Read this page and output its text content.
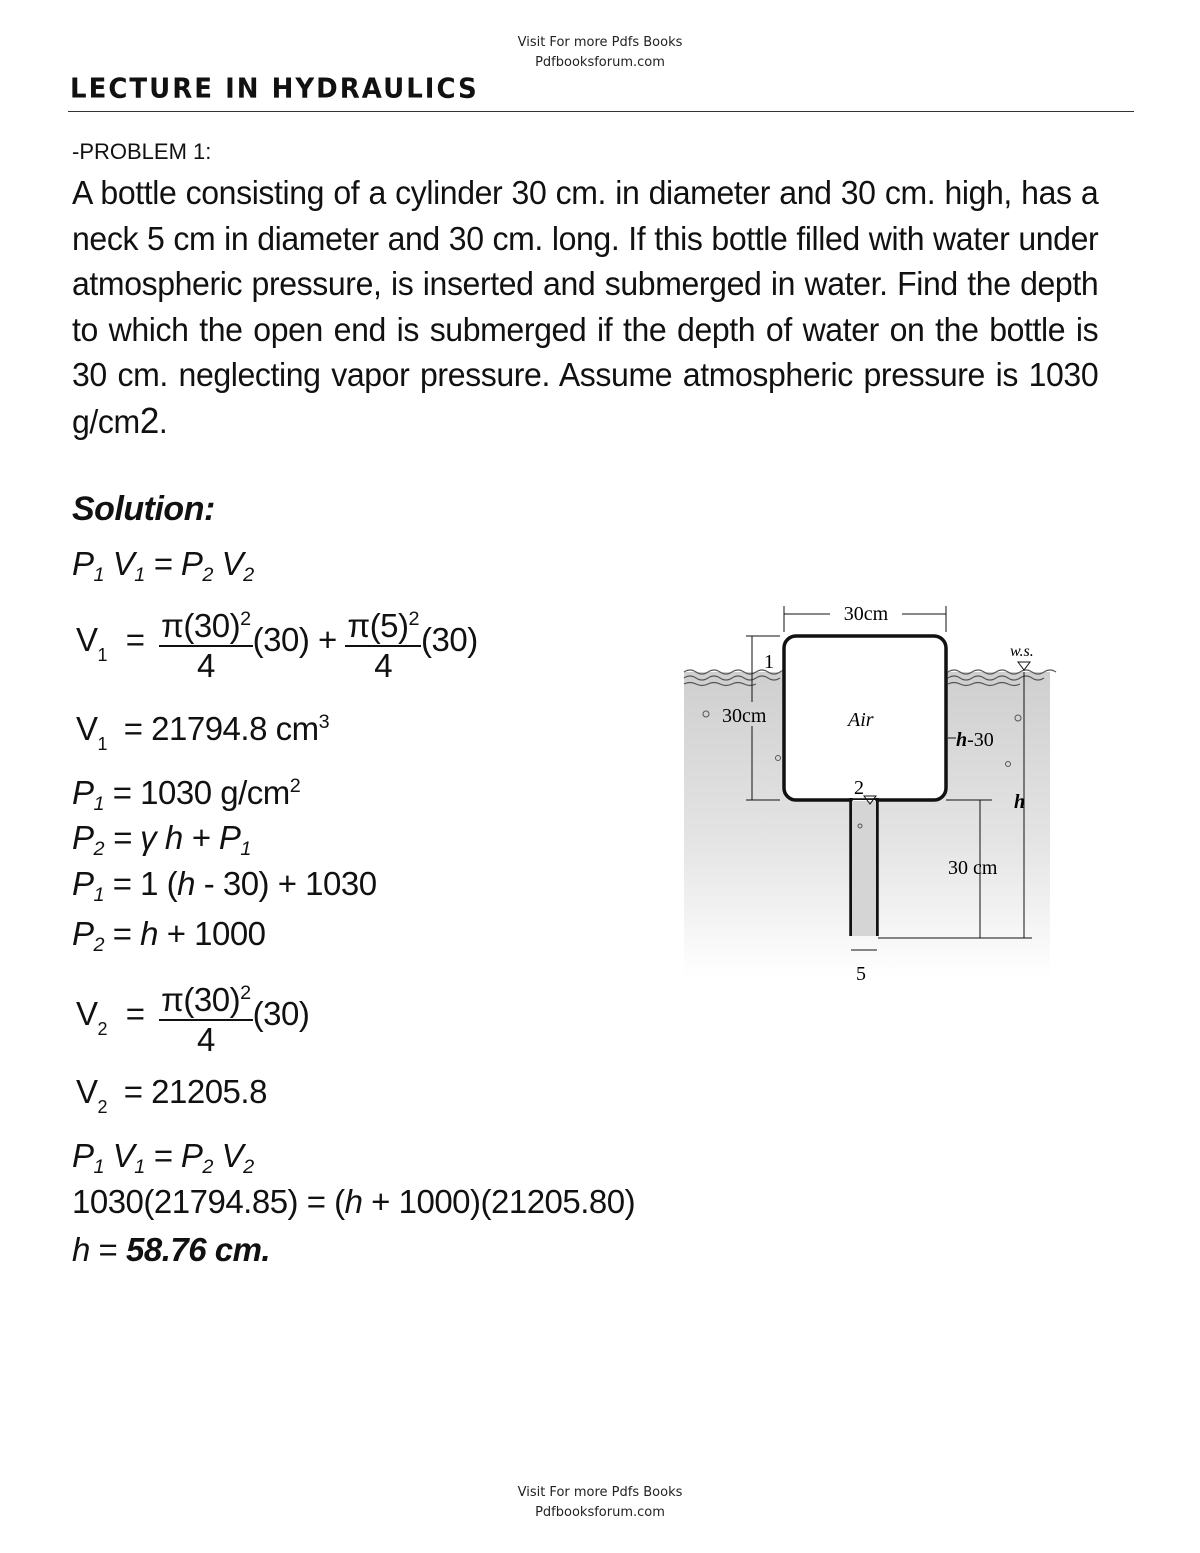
Visit For more Pdfs Books
Pdfbooksforum.com
Visit For more Pdfs Books
Pdfbooksforum.com
LECTURE IN HYDRAULICS
-PROBLEM 1:
A bottle consisting of a cylinder 30 cm. in diameter and 30 cm. high, has a neck 5 cm in diameter and 30 cm. long. If this bottle filled with water under atmospheric pressure, is inserted and submerged in water. Find the depth to which the open end is submerged if the depth of water on the bottle is 30 cm. neglecting vapor pressure. Assume atmospheric pressure is 1030 g/cm2.
Solution:
$P_1$ $V_1 = P_2$ $V_2$
$V_1 = \frac{\pi(30)^2}{4} (30) + \frac{\pi(5)^2}{4} (30)$
$V_1 = 21794.8$ $cm^3$
$P_1 = 1030$ $g/cm^2$
$P_2 = \gamma$ $h + P_1$
$P_1 = 1$ (h - 30) + 1030
$P_2 = h + 1000$
$V_2 = \frac{\pi(30)^2}{4} (30)$
$V_2 = 21205.8$
$P_1$ $V_1 = P_2$ $V_2$
1030(21794.85) = (h + 1000)(21205.80)
h = 58.76 cm.
30cm
1
30cm	Air
2
w.s.
h-30
h
30 cm
5
